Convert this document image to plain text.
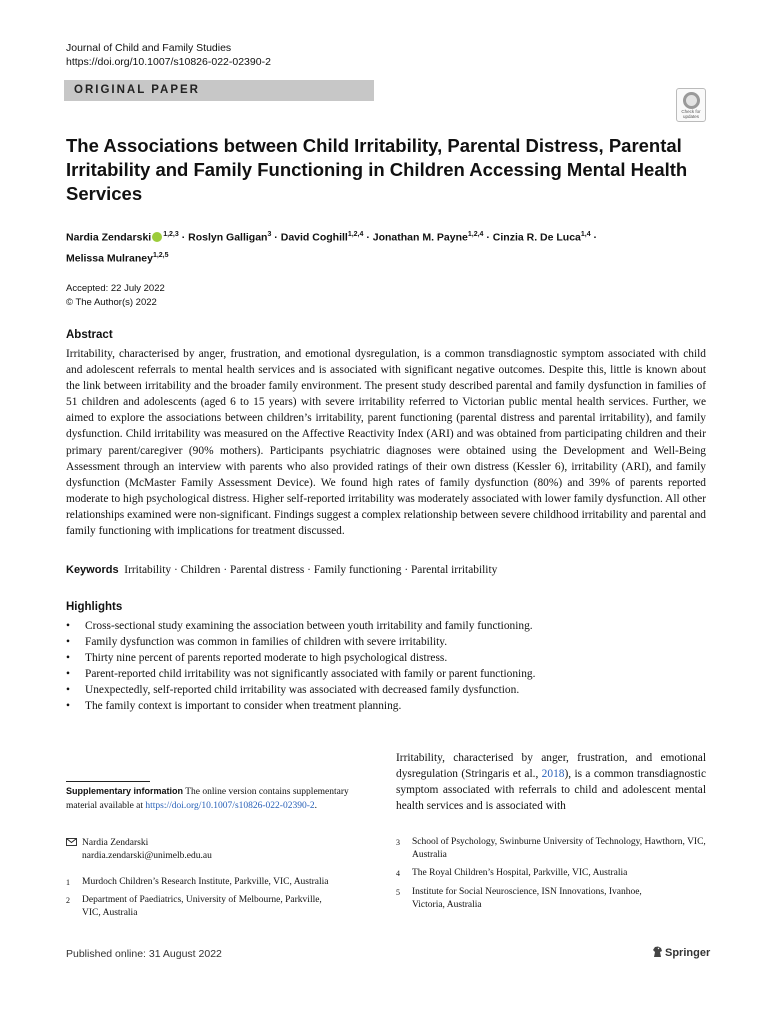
Journal of Child and Family Studies
https://doi.org/10.1007/s10826-022-02390-2
ORIGINAL PAPER
Check for
updates
The Associations between Child Irritability, Parental Distress, Parental Irritability and Family Functioning in Children Accessing Mental Health Services
Nardia Zendarski $^{1,2,3}$ · Roslyn Galligan$^3$ · David Coghill$^{1,2,4}$ · Jonathan M. Payne$^{1,2,4}$ · Cinzia R. De Luca$^{1,4}$ ·
Melissa Mulraney$^{1,2,5}$
Accepted: 22 July 2022
© The Author(s) 2022
Abstract

Irritability, characterised by anger, frustration, and emotional dysregulation, is a common transdiagnostic symptom associated with child and adolescent referrals to mental health services and is associated with significant negative outcomes. Despite this, little is known about the link between irritability and the broader family environment. The present study described parental and family dysfunction in families of 51 children and adolescents (aged 6 to 15 years) with severe irritability referred to Victorian public mental health services. Further, we aimed to explore the associations between children’s irritability, parent functioning (parental distress and parental irritability), and family dysfunction. Child irritability was measured on the Affective Reactivity Index (ARI) and was obtained from participating children and their primary parent/caregiver (90% mothers). Participants psychiatric diagnoses were obtained using the Development and Well-Being Assessment through an interview with parents who also provided ratings of their own distress (Kessler 6), irritability (ARI), and family dysfunction (McMaster Family Assessment Device). We found high rates of family dysfunction (80%) and 39% of parents reported moderate to high psychological distress. Higher self-reported irritability was moderately associated with lower family dysfunction. All other relationships examined were non-significant. Findings suggest a complex relationship between severe childhood irritability and parental and family functioning with implications for treatment discussed.

Keywords Irritability · Children · Parental distress · Family functioning · Parental irritability
Highlights
• Cross-sectional study examining the association between youth irritability and family functioning.
• Family dysfunction was common in families of children with severe irritability.
• Thirty nine percent of parents reported moderate to high psychological distress.
• Parent-reported child irritability was not significantly associated with family or parent functioning.
• Unexpectedly, self-reported child irritability was associated with decreased family dysfunction.
• The family context is important to consider when treatment planning.

Irritability, characterised by anger, frustration, and emotional dysregulation (Stringaris et al., 2018), is a common transdiagnostic symptom associated with referrals to child and adolescent mental health services and is associated with

Supplementary information The online version contains supplementary material available at https://doi.org/10.1007/s10826-022-02390-2.
Nardia Zendarski
nardia.zendarski@unimelb.edu.au
1 Murdoch Children’s Research Institute, Parkville, VIC, Australia
2 Department of Paediatrics, University of Melbourne, Parkville, VIC, Australia
3 School of Psychology, Swinburne University of Technology, Hawthorn, VIC, Australia
4 The Royal Children’s Hospital, Parkville, VIC, Australia
5 Institute for Social Neuroscience, ISN Innovations, Ivanhoe, Victoria, Australia
Published online: 31 August 2022	Springer
